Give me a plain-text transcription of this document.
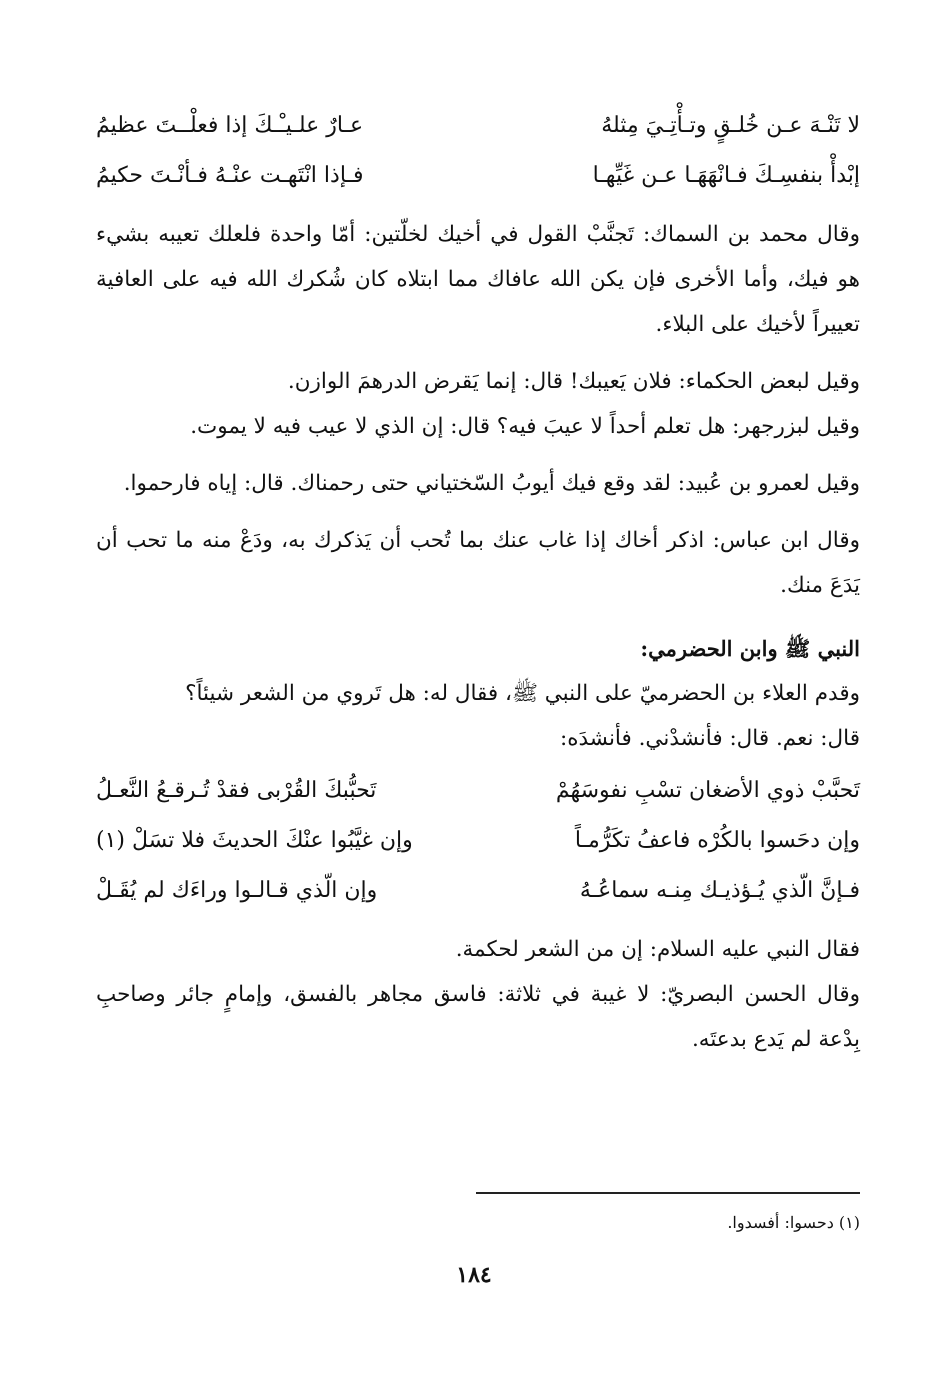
لا تَنْـهَ عـن خُلـقٍ وتـأْتِـيَ مِثلهُ
عـارٌ علـيـْـكَ إذا فعلْــتَ عظيمُ
إبْدأْ بنفسِـكَ فـانْهَهَـا عـن غَيِّهـا
فـإذا انْتَهـت عنْـهُ فـأنْـتَ حكيمُ

وقال محمد بن السماك: تَجنَّبْ القول في أخيك لخلّتين: أمّا واحدة فلعلك تعيبه بشيء هو فيك، وأما الأخرى فإن يكن الله عافاك مما ابتلاه كان شُكرك الله فيه على العافية تعييراً لأخيك على البلاء.

وقيل لبعض الحكماء: فلان يَعيبك! قال: إنما يَقرض الدرهمَ الوازن.

وقيل لبزرجهر: هل تعلم أحداً لا عيبَ فيه؟ قال: إن الذي لا عيب فيه لا يموت.

وقيل لعمرو بن عُبيد: لقد وقع فيك أيوبُ السّختياني حتى رحمناك. قال: إياه فارحموا.

وقال ابن عباس: اذكر أخاك إذا غاب عنك بما تُحب أن يَذكرك به، ودَعْ منه ما تحب أن يَدَعَ منك.

النبي ﷺ وابن الحضرمي:

وقدم العلاء بن الحضرميّ على النبي ﷺ، فقال له: هل تَروي من الشعر شيئاً؟

قال: نعم. قال: فأنشدْني. فأنشدَه:

تَحبَّبْ ذوي الأضغان تسْبِ نفوسَهُمْ
تَحبُّبكَ القُرْبى فقدْ تُـرقـعُ النَّعـلُ
وإن دحَسوا بالكُرْه فاعفُ تكَرُّمـاً
وإن غيَّبُوا عنْكَ الحديثَ فلا تسَلْ (١)
فـإنَّ الّذي يُـؤذيـك مِنـه سماعُـهُ
وإن الّذي قـالـوا وراءَك لم يُقَـلْ

فقال النبي عليه السلام: إن من الشعر لحكمة.

وقال الحسن البصريّ: لا غيبة في ثلاثة: فاسق مجاهر بالفسق، وإمامٍ جائر وصاحبِ بِدْعة لم يَدع بدعتَه.

(١) دحسوا: أفسدوا.
١٨٤
